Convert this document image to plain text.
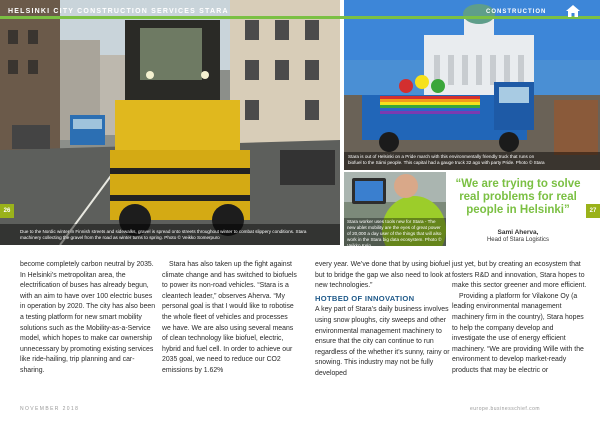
HELSINKI CITY CONSTRUCTION SERVICES STARA	CONSTRUCTION
26	27
Due to the Nordic winter in Finnish streets and sidewalks, gravel is spread onto streets throughout winter to combat slippery conditions. Stara machinery collecting the gravel from the road as winter turns to spring. Photo © Veikko Somerpuro
Stara is out of Helsinki on a Pride march with this environmentally friendly truck that runs on biofuel to the Sámi people. This capital had a gauge truck 32 ago with party Pride. Photo © Stara
Stara worker uses tools new for Stara - The new ablet mobility are the eyes of great power of 20,000 a day user of the things that will also work in the Stara big data ecosystem. Photo © Veikko Kelo
“We are trying to solve real problems for real people in Helsinki”
Sami Aherva,
Head of Stara Logistics

become completely carbon neutral by 2035. In Helsinki’s metropolitan area, the electrification of buses has already begun, with an aim to have over 100 electric buses in operation by 2020. The city has also been a testing platform for new smart mobility solutions such as the Mobility-as-a-Service model, which hopes to make car ownership unnecessary by promoting existing services like ride-hailing, trip planning and car-sharing.

Stara has also taken up the fight against climate change and has switched to biofuels to power its non-road vehicles. “Stara is a cleantech leader,” observes Aherva. “My personal goal is that I would like to robotise the whole fleet of vehicles and processes we have. We are also using several means of clean technology like biofuel, electric, hybrid and fuel cell. In order to achieve our 2035 goal, we need to reduce our CO2 emissions by 1.62%

every year. We’ve done that by using biofuel but to bridge the gap we also need to look at new technologies.”

HOTBED OF INNOVATION

A key part of Stara’s daily business involves using snow ploughs, city sweeps and other environmental management machinery to ensure that the city can continue to run regardless of the whether it’s sunny, rainy or snowing. This industry may not be fully developed

just yet, but by creating an ecosystem that fosters R&D and innovation, Stara hopes to make this sector greener and more efficient.

Providing a platform for Vilakone Oy (a leading environmental management machinery firm in the country), Stara hopes to help the company develop and investigate the use of energy efficient machinery. “We are providing Wille with the environment to develop market-ready products that may be electric or

NOVEMBER 2018	europe.businesschief.com
